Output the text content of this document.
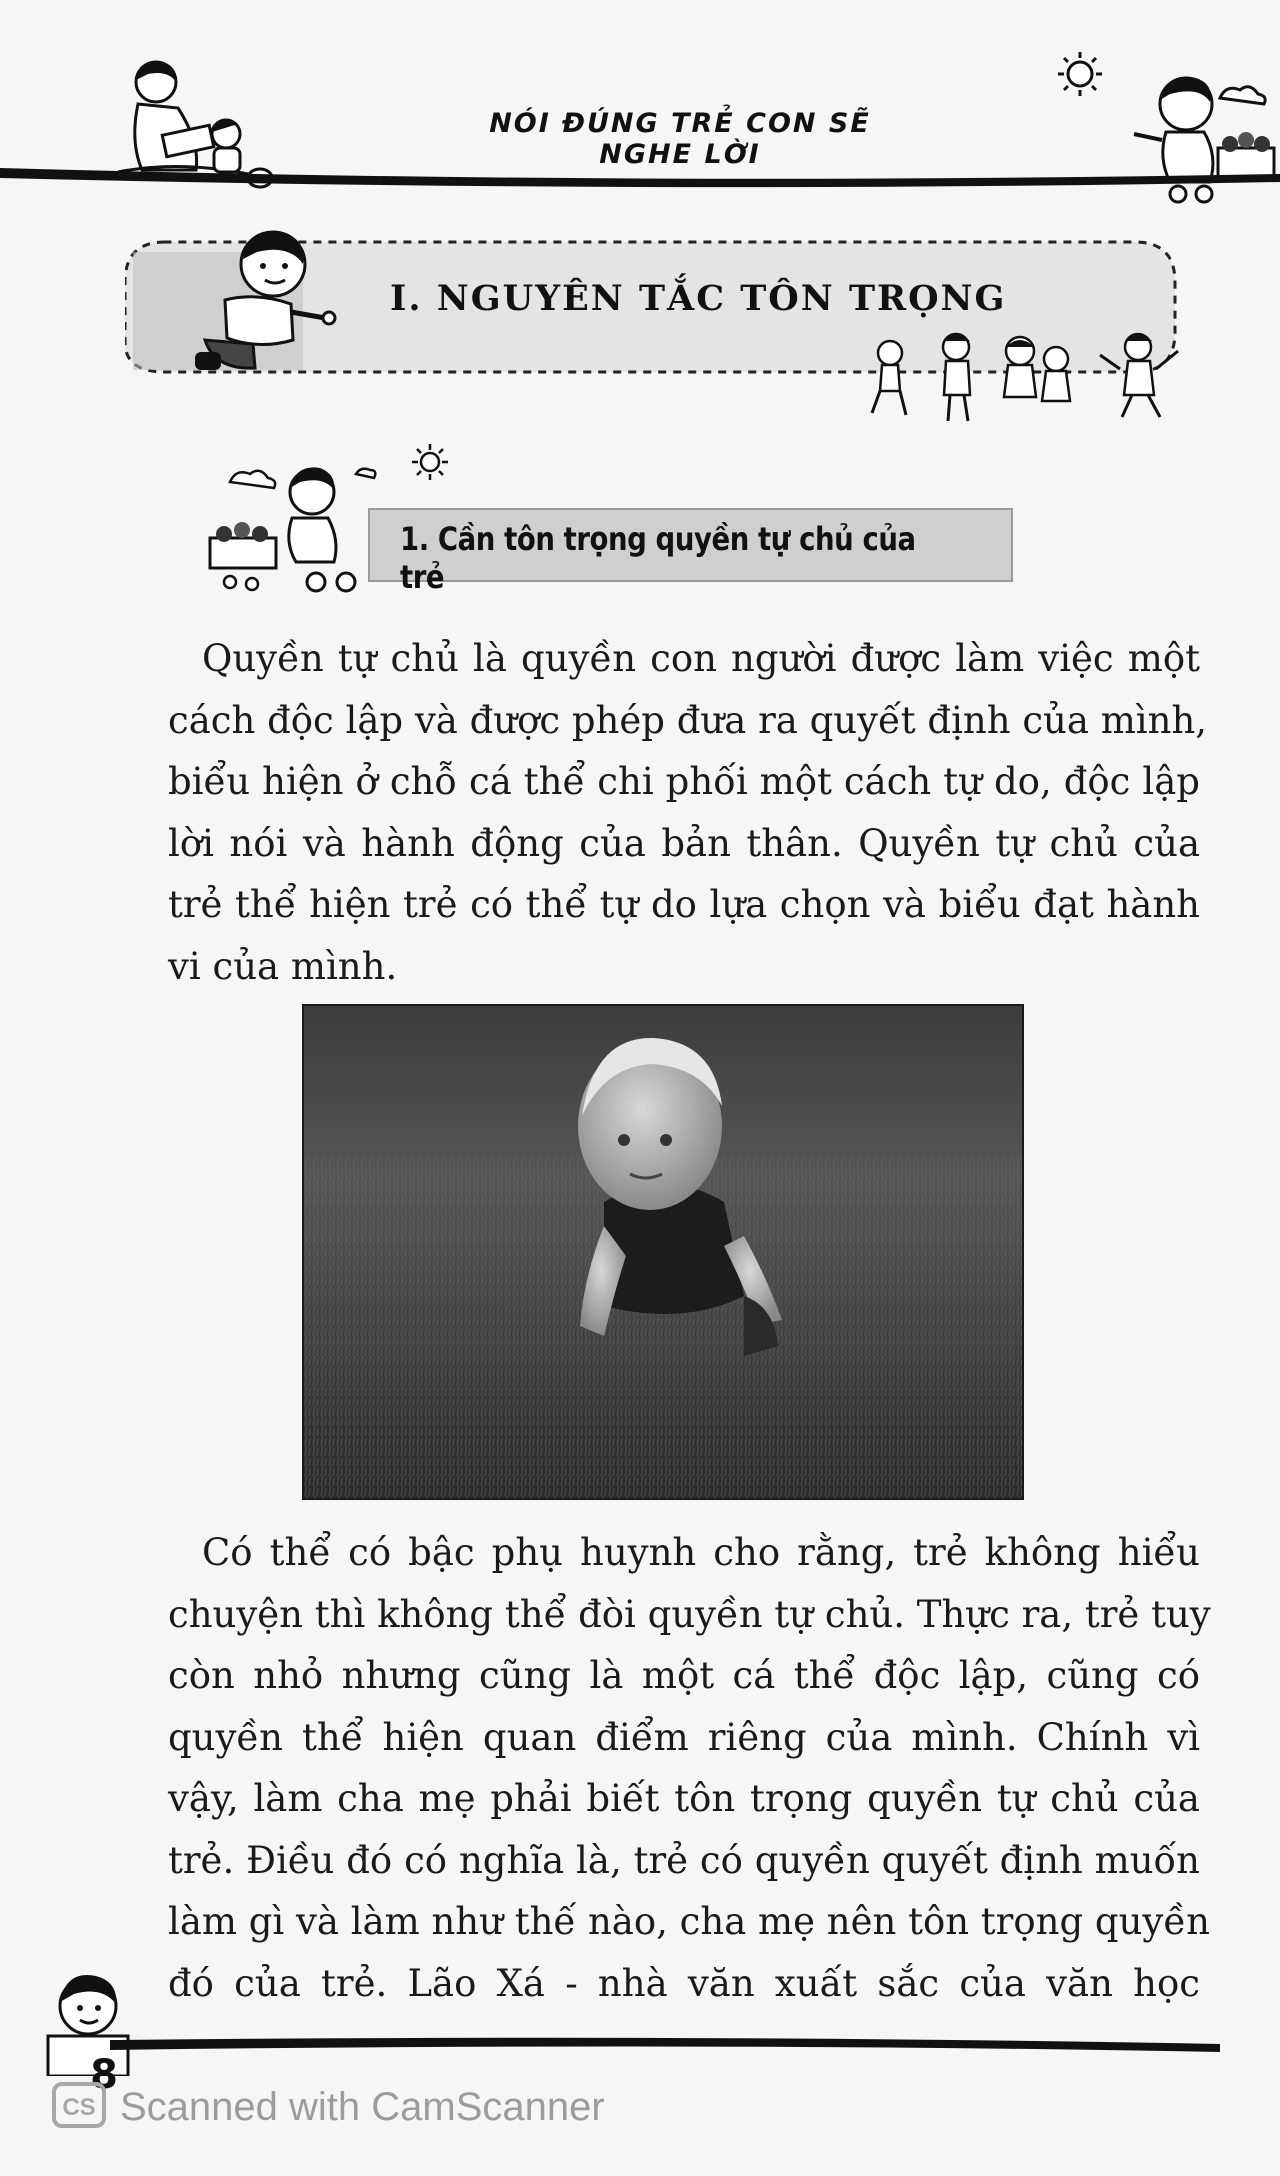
NÓI ĐÚNG TRẺ CON SẼ NGHE LỜI
I. NGUYÊN TẮC TÔN TRỌNG
1. Cần tôn trọng quyền tự chủ của trẻ
Quyền tự chủ là quyền con người được làm việc một
cách độc lập và được phép đưa ra quyết định của mình,
biểu hiện ở chỗ cá thể chi phối một cách tự do, độc lập
lời nói và hành động của bản thân. Quyền tự chủ của
trẻ thể hiện trẻ có thể tự do lựa chọn và biểu đạt hành
vi của mình.
Có thể có bậc phụ huynh cho rằng, trẻ không hiểu
chuyện thì không thể đòi quyền tự chủ. Thực ra, trẻ tuy
còn nhỏ nhưng cũng là một cá thể độc lập, cũng có
quyền thể hiện quan điểm riêng của mình. Chính vì
vậy, làm cha mẹ phải biết tôn trọng quyền tự chủ của
trẻ. Điều đó có nghĩa là, trẻ có quyền quyết định muốn
làm gì và làm như thế nào, cha mẹ nên tôn trọng quyền
đó của trẻ. Lão Xá - nhà văn xuất sắc của văn học
8
CS Scanned with CamScanner
